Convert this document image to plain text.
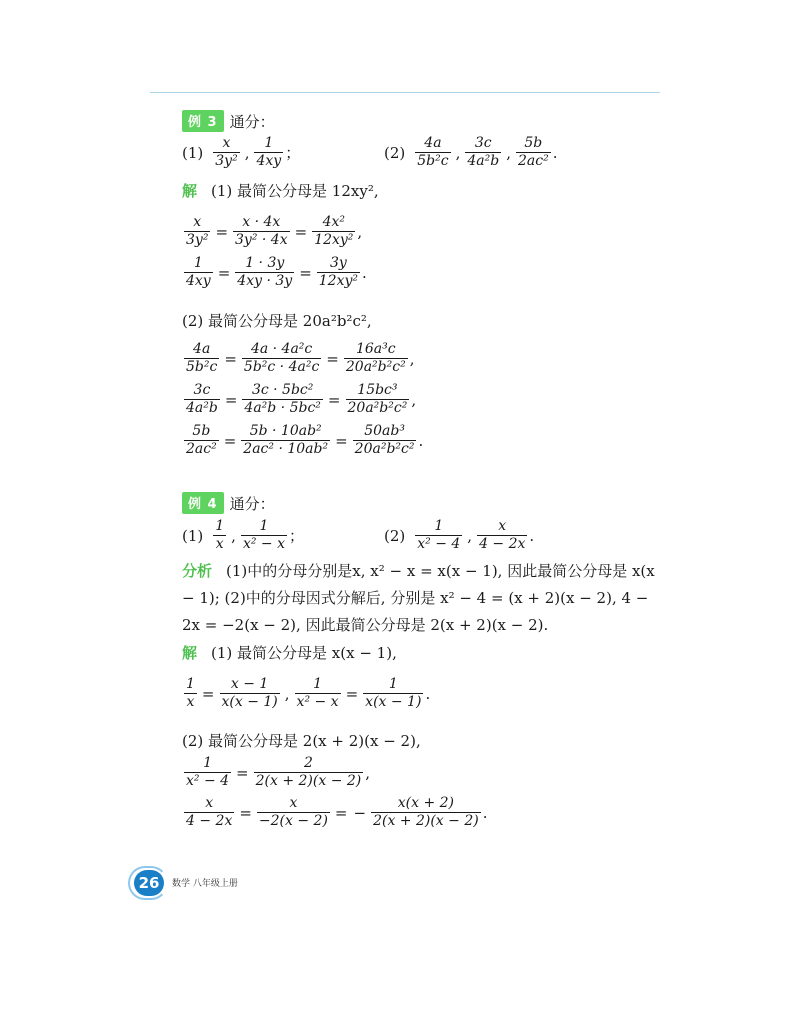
例 3 通分：
$(1) \frac{x}{\text{3y²}}$ , $\frac{1}{4xy}$ ；	$(2) \frac{4a}{\text{5b²c}}$ , $\frac{3c}{\text{4a²b}}$ , $\frac{5b}{\text{2ac²}}$ .
解 (1) 最简公分母是 12xy²,
$\frac{x}{\text{3y²}} = \frac{x \cdot 4x}{\text{3y² · 4x}} = \frac{\text{4x²}}{\text{12xy²}}$ ,
$\frac{1}{4xy} = \frac{1 \cdot 3y}{4xy \cdot 3y} = \frac{3y}{\text{12xy²}}$ .
(2) 最简公分母是 20a²b²c²,
$\frac{4a}{\text{5b²c}} = \frac{\text{4a · 4a²c}}{\text{5b²c · 4a²c}} = \frac{\text{16a³c}}{\text{20a²b²c²}}$ ,
$\frac{3c}{\text{4a²b}} = \frac{\text{3c · 5bc²}}{\text{4a²b · 5bc²}} = \frac{\text{15bc³}}{\text{20a²b²c²}}$ ,
$\frac{5b}{\text{2ac²}} = \frac{\text{5b · 10ab²}}{\text{2ac² · 10ab²}} = \frac{\text{50ab³}}{\text{20a²b²c²}}$ .
例 4 通分：
$(1) \frac{1}{x}$ , $\frac{1}{\text{x² − x}}$ ；	$(2) \frac{1}{\text{x² − 4}}$ , $\frac{x}{4 - 2x}$ .
分析 (1)中的分母分别是x, x² − x = x(x − 1), 因此最简公分母是 x(x − 1); (2)中的分母因式分解后, 分别是 x² − 4 = (x + 2)(x − 2), 4 − 2x = −2(x − 2), 因此最简公分母是 2(x + 2)(x − 2).
解 (1) 最简公分母是 x(x − 1),
$\frac{1}{x} = \frac{x - 1}{x(x - 1)}$ , $\frac{1}{\text{x² − x}} = \frac{1}{x(x - 1)}$ .
(2) 最简公分母是 2(x + 2)(x − 2),
$\frac{1}{\text{x² − 4}} = \frac{2}{2(x + 2)(x - 2)}$ ,
$\frac{x}{4 - 2x} = \frac{x}{-2(x - 2)}$ = − $\frac{x(x + 2)}{2(x + 2)(x - 2)}$ .
26	数学 八年级上册
